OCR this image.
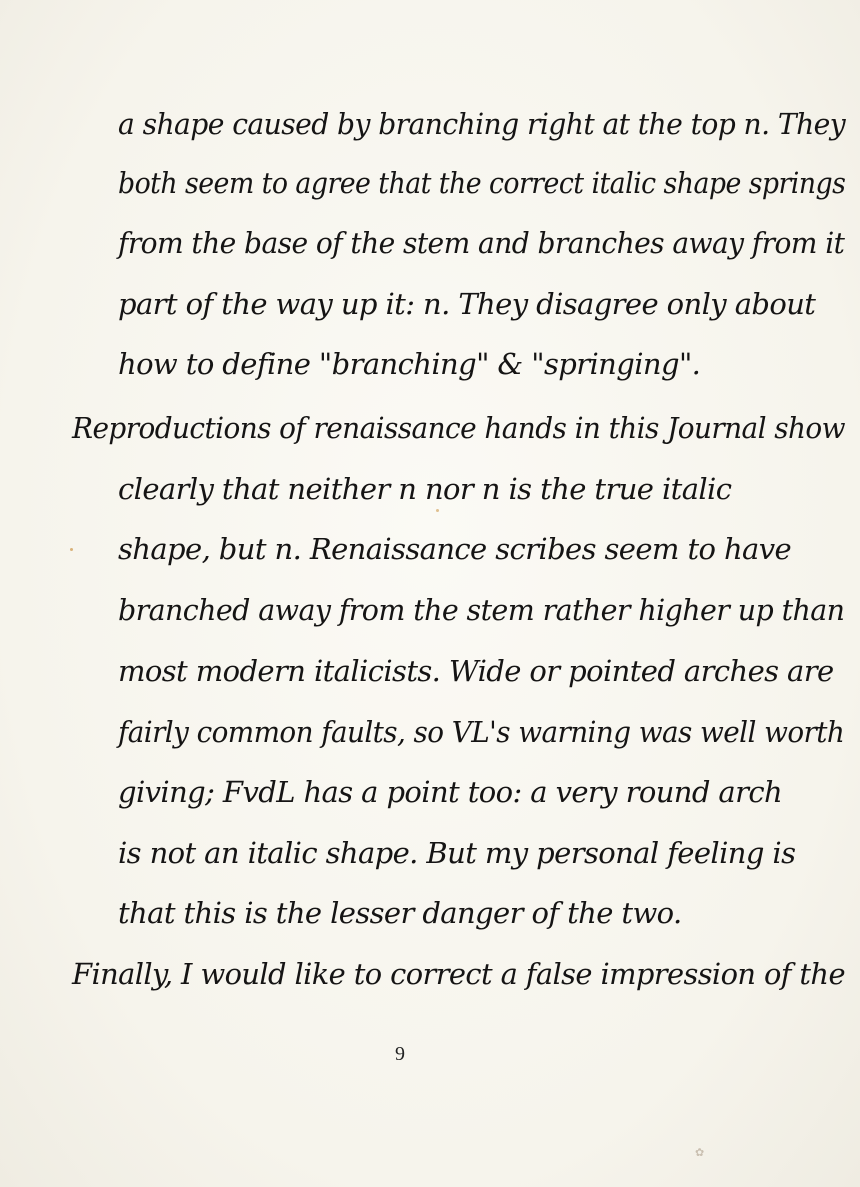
a shape caused by branching right at the top n. They
both seem to agree that the correct italic shape springs
from the base of the stem and branches away from it
part of the way up it: n. They disagree only about
how to define "branching" & "springing".
Reproductions of renaissance hands in this Journal show
clearly that neither n nor n is the true italic
shape, but n. Renaissance scribes seem to have
branched away from the stem rather higher up than
most modern italicists. Wide or pointed arches are
fairly common faults, so VL's warning was well worth
giving; FvdL has a point too: a very round arch
is not an italic shape. But my personal feeling is
that this is the lesser danger of the two.
Finally, I would like to correct a false impression of the
9
✿
